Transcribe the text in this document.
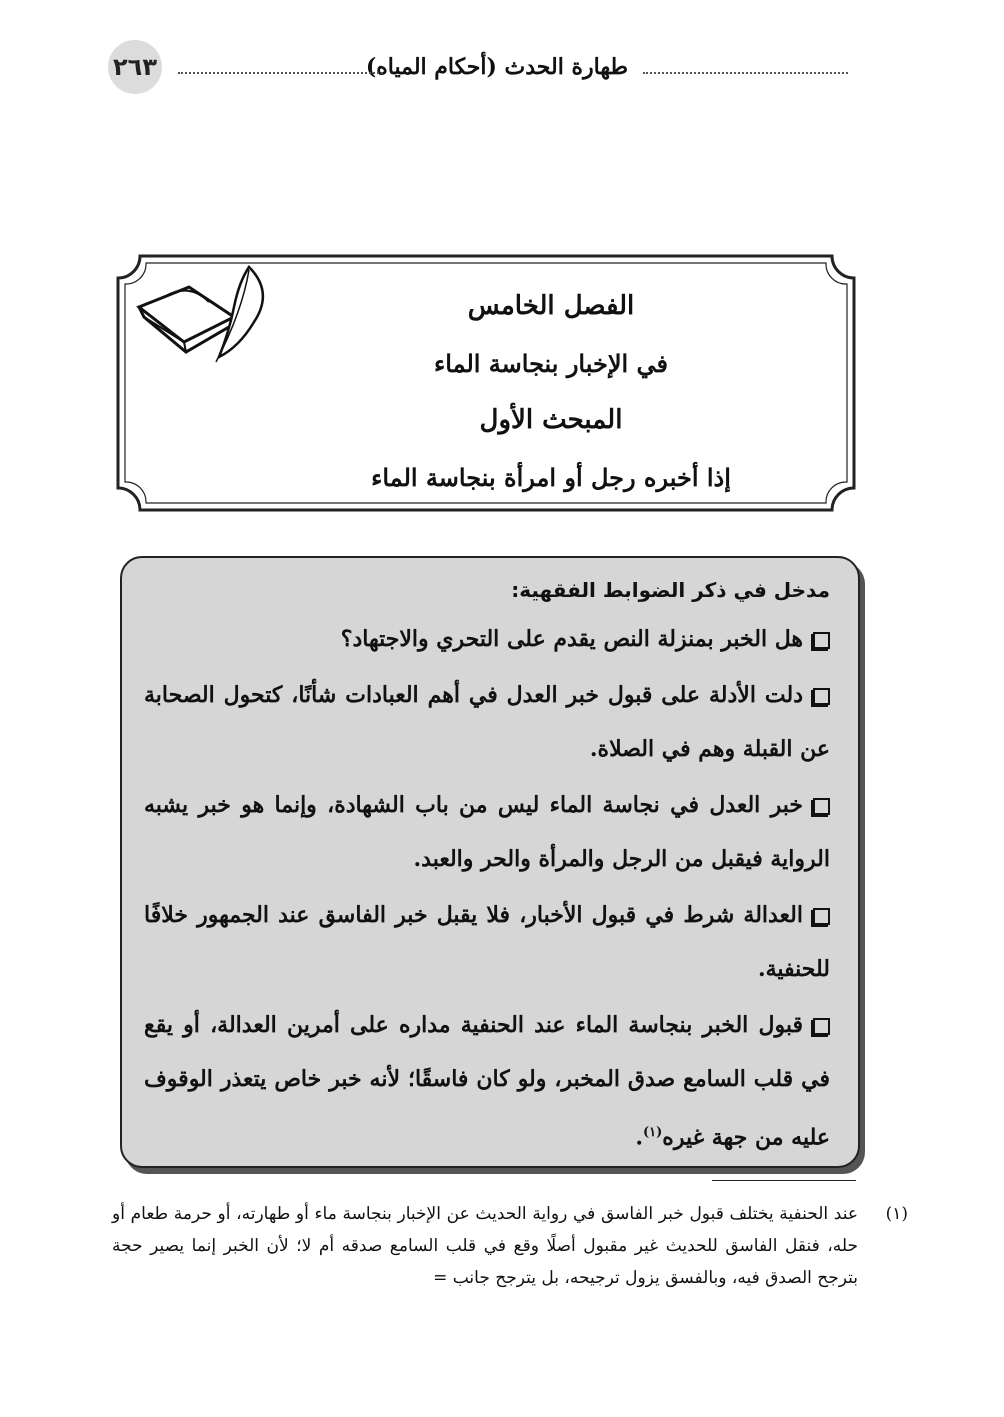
٢٦٣	طهارة الحدث (أحكام المياه)
الفصل الخامس
في الإخبار بنجاسة الماء
المبحث الأول
إذا أخبره رجل أو امرأة بنجاسة الماء
مدخل في ذكر الضوابط الفقهية:

هل الخبر بمنزلة النص يقدم على التحري والاجتهاد؟

دلت الأدلة على قبول خبر العدل في أهم العبادات شأنًا، كتحول الصحابة عن القبلة وهم في الصلاة.

خبر العدل في نجاسة الماء ليس من باب الشهادة، وإنما هو خبر يشبه الرواية فيقبل من الرجل والمرأة والحر والعبد.

العدالة شرط في قبول الأخبار، فلا يقبل خبر الفاسق عند الجمهور خلافًا للحنفية.

قبول الخبر بنجاسة الماء عند الحنفية مداره على أمرين العدالة، أو يقع في قلب السامع صدق المخبر، ولو كان فاسقًا؛ لأنه خبر خاص يتعذر الوقوف عليه من جهة غيره$^{(١)}$.

(١)
عند الحنفية يختلف قبول خبر الفاسق في رواية الحديث عن الإخبار بنجاسة ماء أو طهارته، أو حرمة طعام أو حله، فنقل الفاسق للحديث غير مقبول أصلًا وقع في قلب السامع صدقه أم لا؛ لأن الخبر إنما يصير حجة بترجح الصدق فيه، وبالفسق يزول ترجيحه، بل يترجح جانب =
